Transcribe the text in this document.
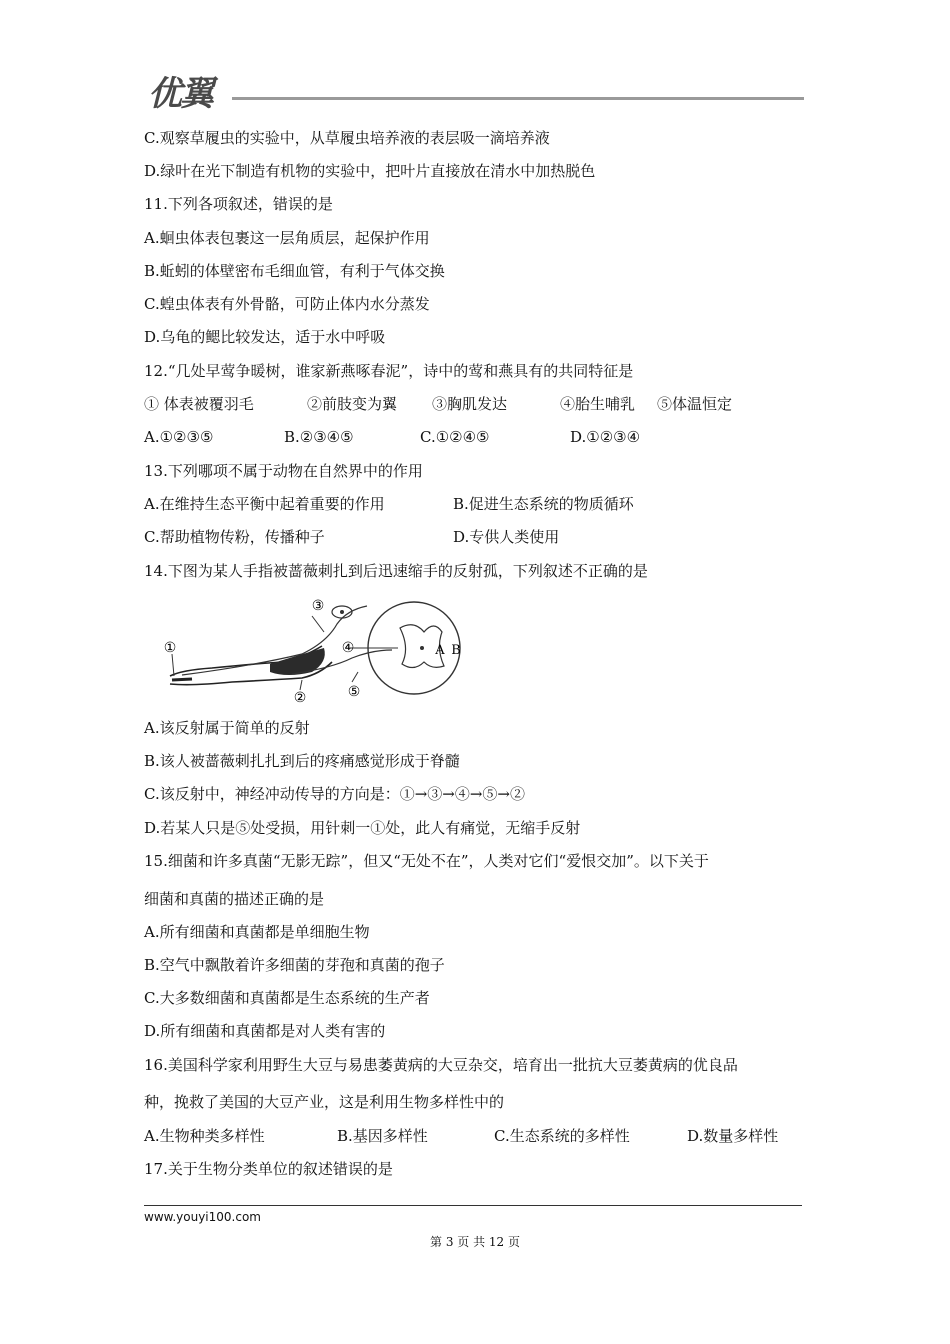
优翼
C.观察草履虫的实验中，从草履虫培养液的表层吸一滴培养液
D.绿叶在光下制造有机物的实验中，把叶片直接放在清水中加热脱色
11.下列各项叙述，错误的是
A.蛔虫体表包裹这一层角质层，起保护作用
B.蚯蚓的体壁密布毛细血管，有利于气体交换
C.蝗虫体表有外骨骼，可防止体内水分蒸发
D.乌龟的鳃比较发达，适于水中呼吸
12.“几处早莺争暖树，谁家新燕啄春泥”，诗中的莺和燕具有的共同特征是
① 体表被覆羽毛	②前肢变为翼 ③胸肌发达	④胎生哺乳 ⑤体温恒定
A.①②③⑤	B.②③④⑤	C.①②④⑤	D.①②③④
13.下列哪项不属于动物在自然界中的作用
A.在维持生态平衡中起着重要的作用	B.促进生态系统的物质循环
C.帮助植物传粉，传播种子	D.专供人类使用
14.下图为某人手指被蔷薇刺扎到后迅速缩手的反射孤，下列叙述不正确的是
①
②
③
④
⑤
A B
A.该反射属于简单的反射
B.该人被蔷薇刺扎扎到后的疼痛感觉形成于脊髓
C.该反射中，神经冲动传导的方向是：①→③→④→⑤→②
D.若某人只是⑤处受损，用针刺一①处，此人有痛觉，无缩手反射
15.细菌和许多真菌“无影无踪”，但又“无处不在”，人类对它们“爱恨交加”。以下关于
细菌和真菌的描述正确的是
A.所有细菌和真菌都是单细胞生物
B.空气中飘散着许多细菌的芽孢和真菌的孢子
C.大多数细菌和真菌都是生态系统的生产者
D.所有细菌和真菌都是对人类有害的
16.美国科学家利用野生大豆与易患萎黄病的大豆杂交，培育出一批抗大豆萎黄病的优良品
种，挽救了美国的大豆产业，这是利用生物多样性中的
A.生物种类多样性	B.基因多样性	C.生态系统的多样性	D.数量多样性
17.关于生物分类单位的叙述错误的是
www.youyi100.com
第 3 页 共 12 页
